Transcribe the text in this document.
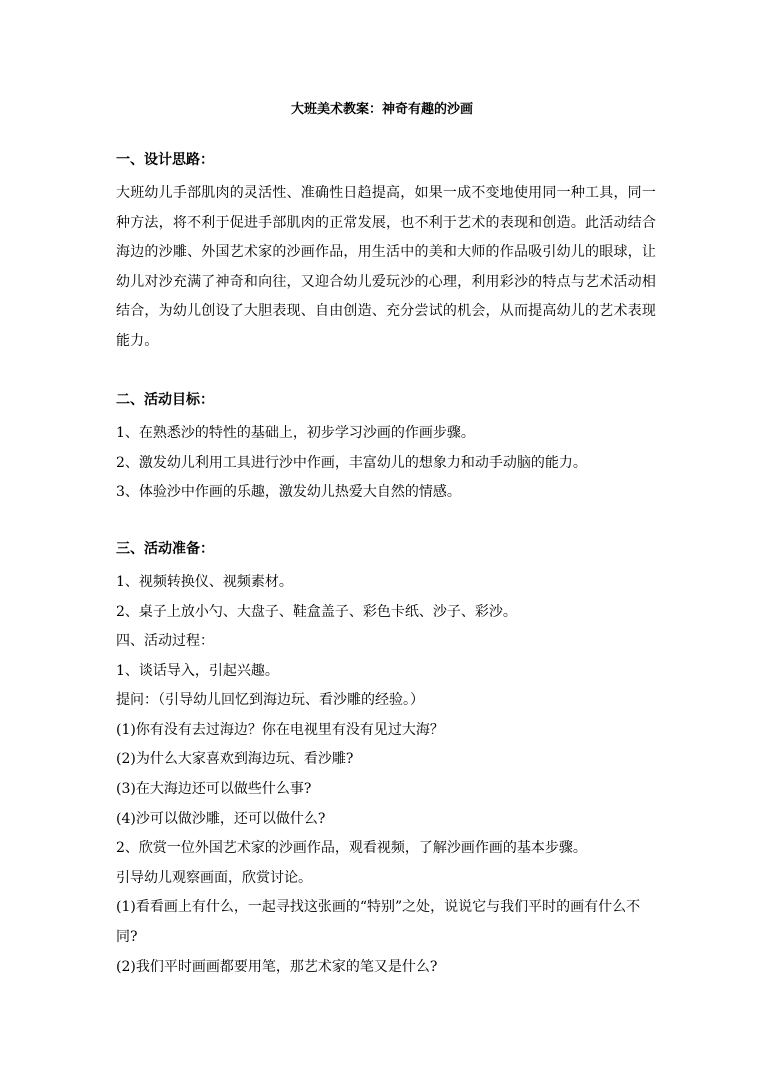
大班美术教案：神奇有趣的沙画
一、设计思路：

大班幼儿手部肌肉的灵活性、准确性日趋提高，如果一成不变地使用同一种工具，同一种方法，将不利于促进手部肌肉的正常发展，也不利于艺术的表现和创造。此活动结合海边的沙雕、外国艺术家的沙画作品，用生活中的美和大师的作品吸引幼儿的眼球，让幼儿对沙充满了神奇和向往，又迎合幼儿爱玩沙的心理，利用彩沙的特点与艺术活动相结合，为幼儿创设了大胆表现、自由创造、充分尝试的机会，从而提高幼儿的艺术表现能力。

二、活动目标：
1、在熟悉沙的特性的基础上，初步学习沙画的作画步骤。
2、激发幼儿利用工具进行沙中作画，丰富幼儿的想象力和动手动脑的能力。
3、体验沙中作画的乐趣，激发幼儿热爱大自然的情感。
三、活动准备：
1、视频转换仪、视频素材。
2、桌子上放小勺、大盘子、鞋盒盖子、彩色卡纸、沙子、彩沙。
四、活动过程：
1、谈话导入，引起兴趣。
提问：（引导幼儿回忆到海边玩、看沙雕的经验。）
(1)你有没有去过海边？你在电视里有没有见过大海？
(2)为什么大家喜欢到海边玩、看沙雕?
(3)在大海边还可以做些什么事?
(4)沙可以做沙雕，还可以做什么?
2、欣赏一位外国艺术家的沙画作品，观看视频，了解沙画作画的基本步骤。
引导幼儿观察画面，欣赏讨论。
(1)看看画上有什么，一起寻找这张画的“特别”之处，说说它与我们平时的画有什么不同?
(2)我们平时画画都要用笔，那艺术家的笔又是什么?
